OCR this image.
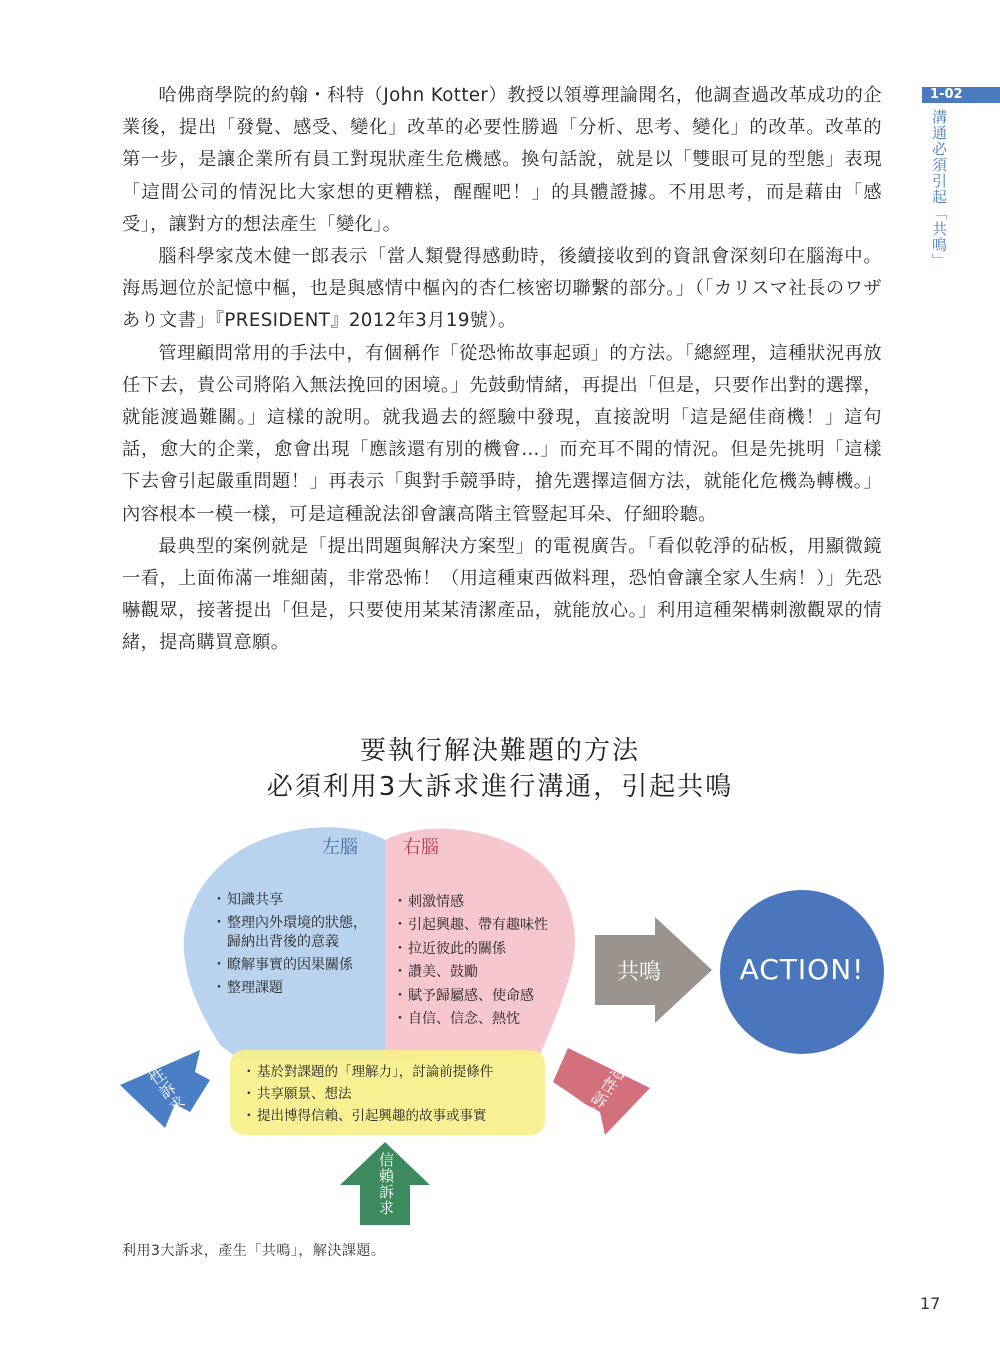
1-02
溝通必須引起「共鳴」

哈佛商學院的約翰・科特（John Kotter）教授以領導理論聞名，他調查過改革成功的企業後，提出「發覺、感受、變化」改革的必要性勝過「分析、思考、變化」的改革。改革的第一步，是讓企業所有員工對現狀產生危機感。換句話說，就是以「雙眼可見的型態」表現「這間公司的情況比大家想的更糟糕，醒醒吧！」的具體證據。不用思考，而是藉由「感受」，讓對方的想法產生「變化」。

腦科學家茂木健一郎表示「當人類覺得感動時，後續接收到的資訊會深刻印在腦海中。海馬迴位於記憶中樞，也是與感情中樞內的杏仁核密切聯繫的部分。」（「カリスマ社長のワザあり文書」『PRESIDENT』2012年3月19號）。

管理顧問常用的手法中，有個稱作「從恐怖故事起頭」的方法。「總經理，這種狀況再放任下去，貴公司將陷入無法挽回的困境。」先鼓動情緒，再提出「但是，只要作出對的選擇，就能渡過難關。」這樣的說明。就我過去的經驗中發現，直接說明「這是絕佳商機！」這句話，愈大的企業，愈會出現「應該還有別的機會…」而充耳不聞的情況。但是先挑明「這樣下去會引起嚴重問題！」再表示「與對手競爭時，搶先選擇這個方法，就能化危機為轉機。」內容根本一模一樣，可是這種說法卻會讓高階主管豎起耳朵、仔細聆聽。

最典型的案例就是「提出問題與解決方案型」的電視廣告。「看似乾淨的砧板，用顯微鏡一看，上面佈滿一堆細菌，非常恐怖！（用這種東西做料理，恐怕會讓全家人生病！）」先恐嚇觀眾，接著提出「但是，只要使用某某清潔產品，就能放心。」利用這種架構刺激觀眾的情緒，提高購買意願。

要執行解決難題的方法
必須利用3大訴求進行溝通，引起共鳴
左腦	右腦
・ 知識共享
・ 整理內外環境的狀態，歸納出背後的意義
・ 瞭解事實的因果關係
・ 整理課題
・ 刺激情感
・ 引起興趣、帶有趣味性
・ 拉近彼此的關係
・ 讚美、鼓勵
・ 賦予歸屬感、使命感
・ 自信、信念、熱忱
・ 基於對課題的「理解力」，討論前提條件
・ 共享願景、想法
・ 提出博得信賴、引起興趣的故事或事實
共鳴	ACTION!
理性訴求	感性訴求
信賴訴求
利用3大訴求，產生「共鳴」，解決課題。
17
